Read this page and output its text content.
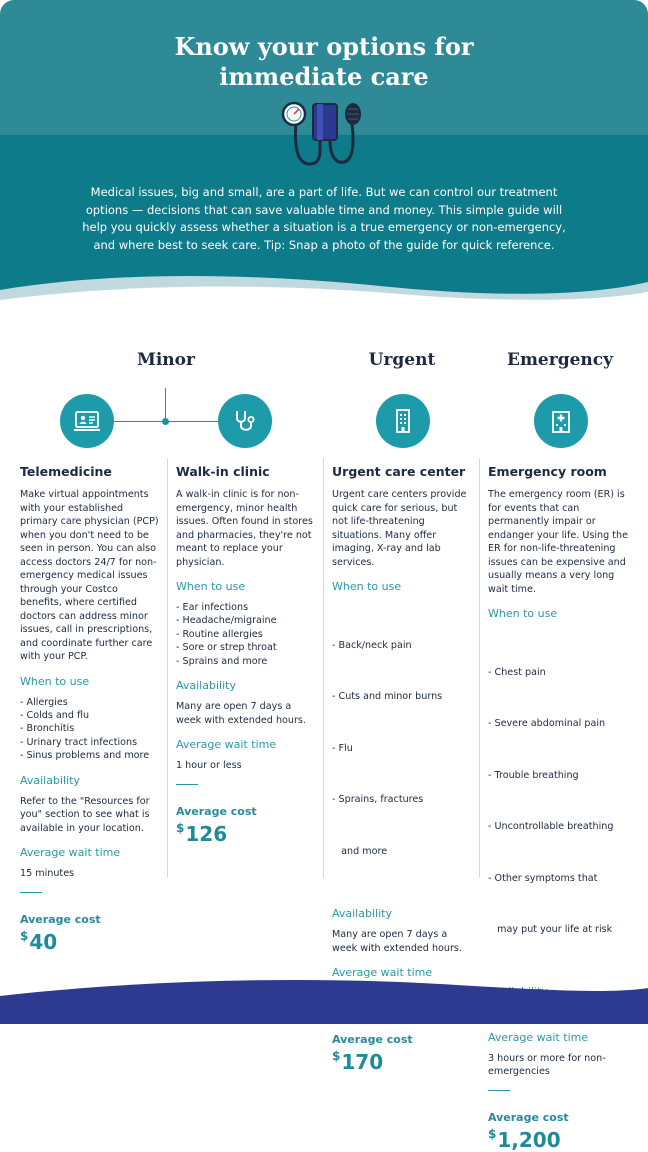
Know your options for
immediate care

Medical issues, big and small, are a part of life. But we can control our treatment options — decisions that can save valuable time and money. This simple guide will help you quickly assess whether a situation is a true emergency or non-emergency, and where best to seek care. Tip: Snap a photo of the guide for quick reference.

Minor	Urgent	Emergency
Telemedicine

Make virtual appointments with your established primary care physician (PCP) when you don't need to be seen in person. You can also access doctors 24/7 for non-emergency medical issues through your Costco benefits, where certified doctors can address minor issues, call in prescriptions, and coordinate further care with your PCP.

When to use
- Allergies
- Colds and flu
- Bronchitis
- Urinary tract infections
- Sinus problems and more
Availability

Refer to the "Resources for you" section to see what is available in your location.

Average wait time

15 minutes

Average cost
$40
Walk-in clinic

A walk-in clinic is for non-emergency, minor health issues. Often found in stores and pharmacies, they're not meant to replace your physician.

When to use
- Ear infections
- Headache/migraine
- Routine allergies
- Sore or strep throat
- Sprains and more
Availability

Many are open 7 days a week with extended hours.

Average wait time

1 hour or less

Average cost
$126
Urgent care center

Urgent care centers provide quick care for serious, but not life-threatening situations. Many offer imaging, X-ray and lab services.

When to use

- Back/neck pain

- Cuts and minor burns

- Flu

- Sprains, fractures

and more

Availability

Many are open 7 days a week with extended hours.

Average wait time

Average cost
$170
Emergency room

The emergency room (ER) is for events that can permanently impair or endanger your life. Using the ER for non-life-threatening issues can be expensive and usually means a very long wait time.

When to use

- Chest pain

- Severe abdominal pain

- Trouble breathing

- Uncontrollable breathing

- Other symptoms that

may put your life at risk

Average wait time

3 hours or more for non-emergencies

Average cost
$1,200
